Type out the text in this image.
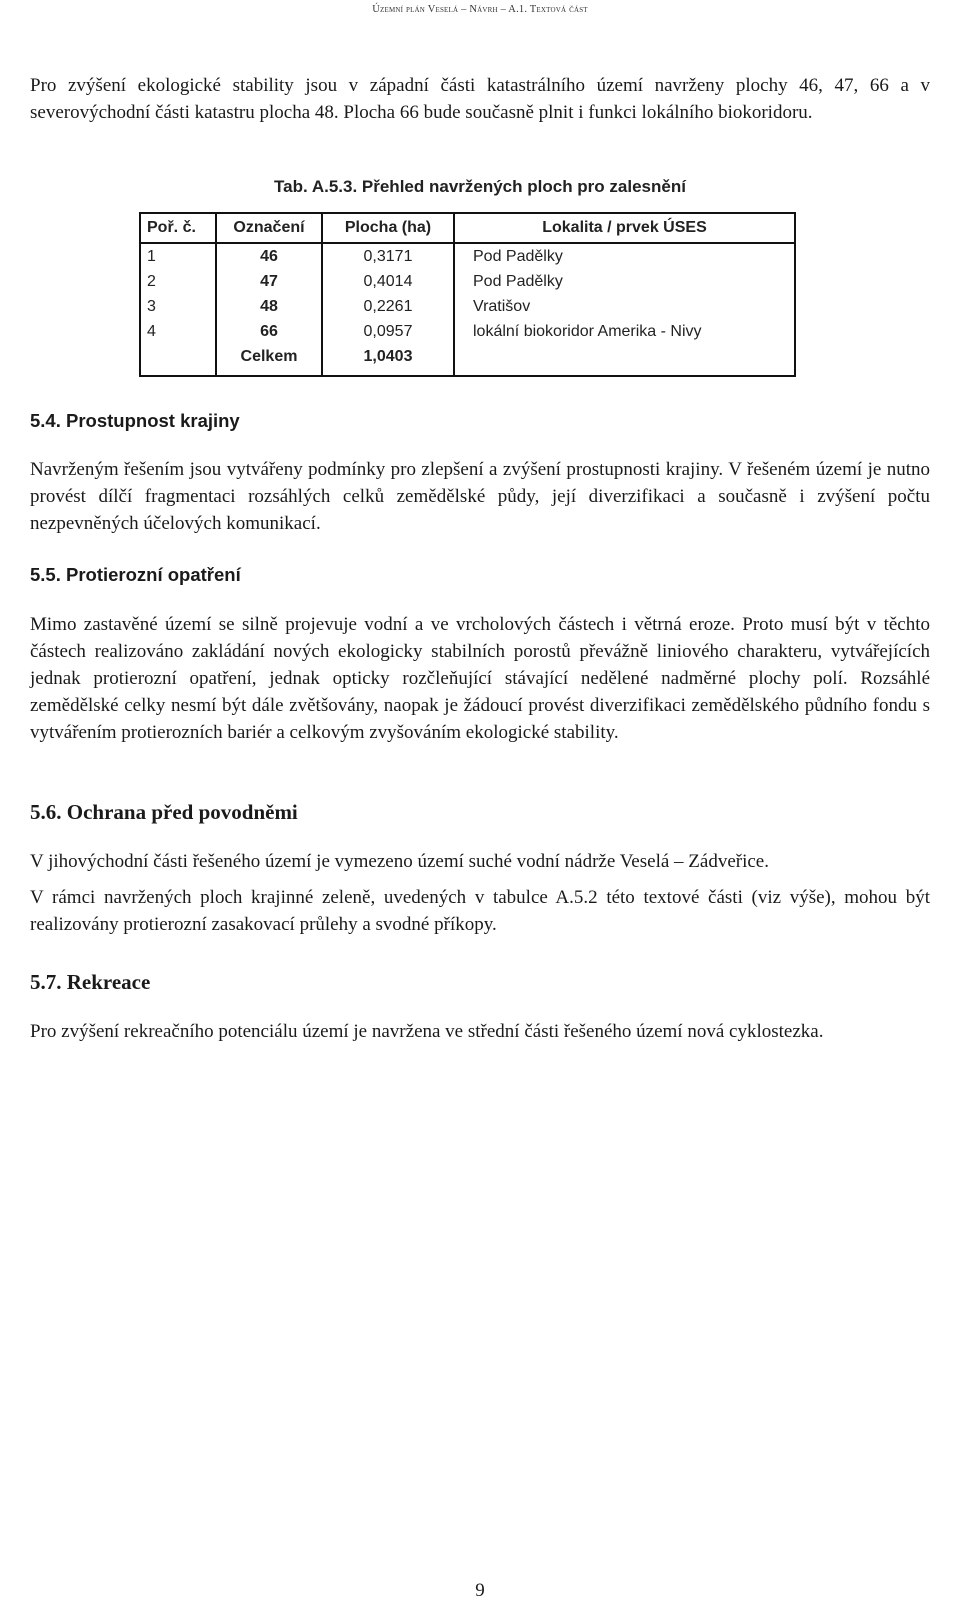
Územní plán Veselá – Návrh – A.1. Textová část

Pro zvýšení ekologické stability jsou v západní části katastrálního území navrženy plochy 46, 47, 66 a v severovýchodní části katastru plocha 48. Plocha 66 bude současně plnit i funkci lokálního biokoridoru.

Tab. A.5.3. Přehled navržených ploch pro zalesnění
Poř. č.	Označení	Plocha (ha)	Lokalita / prvek ÚSES
1	46	0,3171	Pod Padělky
2	47	0,4014	Pod Padělky
3	48	0,2261	Vratišov
4	66	0,0957	lokální biokoridor Amerika - Nivy
	Celkem	1,0403	
5.4. Prostupnost krajiny

Navrženým řešením jsou vytvářeny podmínky pro zlepšení a zvýšení prostupnosti krajiny. V řešeném území je nutno provést dílčí fragmentaci rozsáhlých celků zemědělské půdy, její diverzifikaci a současně i zvýšení počtu nezpevněných účelových komunikací.

5.5. Protierozní opatření

Mimo zastavěné území se silně projevuje vodní a ve vrcholových částech i větrná eroze. Proto musí být v těchto částech realizováno zakládání nových ekologicky stabilních porostů převážně liniového charakteru, vytvářejících jednak protierozní opatření, jednak opticky rozčleňující stávající nedělené nadměrné plochy polí. Rozsáhlé zemědělské celky nesmí být dále zvětšovány, naopak je žádoucí provést diverzifikaci zemědělského půdního fondu s vytvářením protierozních bariér a celkovým zvyšováním ekologické stability.

5.6. Ochrana před povodněmi

V jihovýchodní části řešeného území je vymezeno území suché vodní nádrže Veselá – Zádveřice.

V rámci navržených ploch krajinné zeleně, uvedených v tabulce A.5.2 této textové části (viz výše), mohou být realizovány protierozní zasakovací průlehy a svodné příkopy.

5.7. Rekreace

Pro zvýšení rekreačního potenciálu území je navržena ve střední části řešeného území nová cyklostezka.

9
